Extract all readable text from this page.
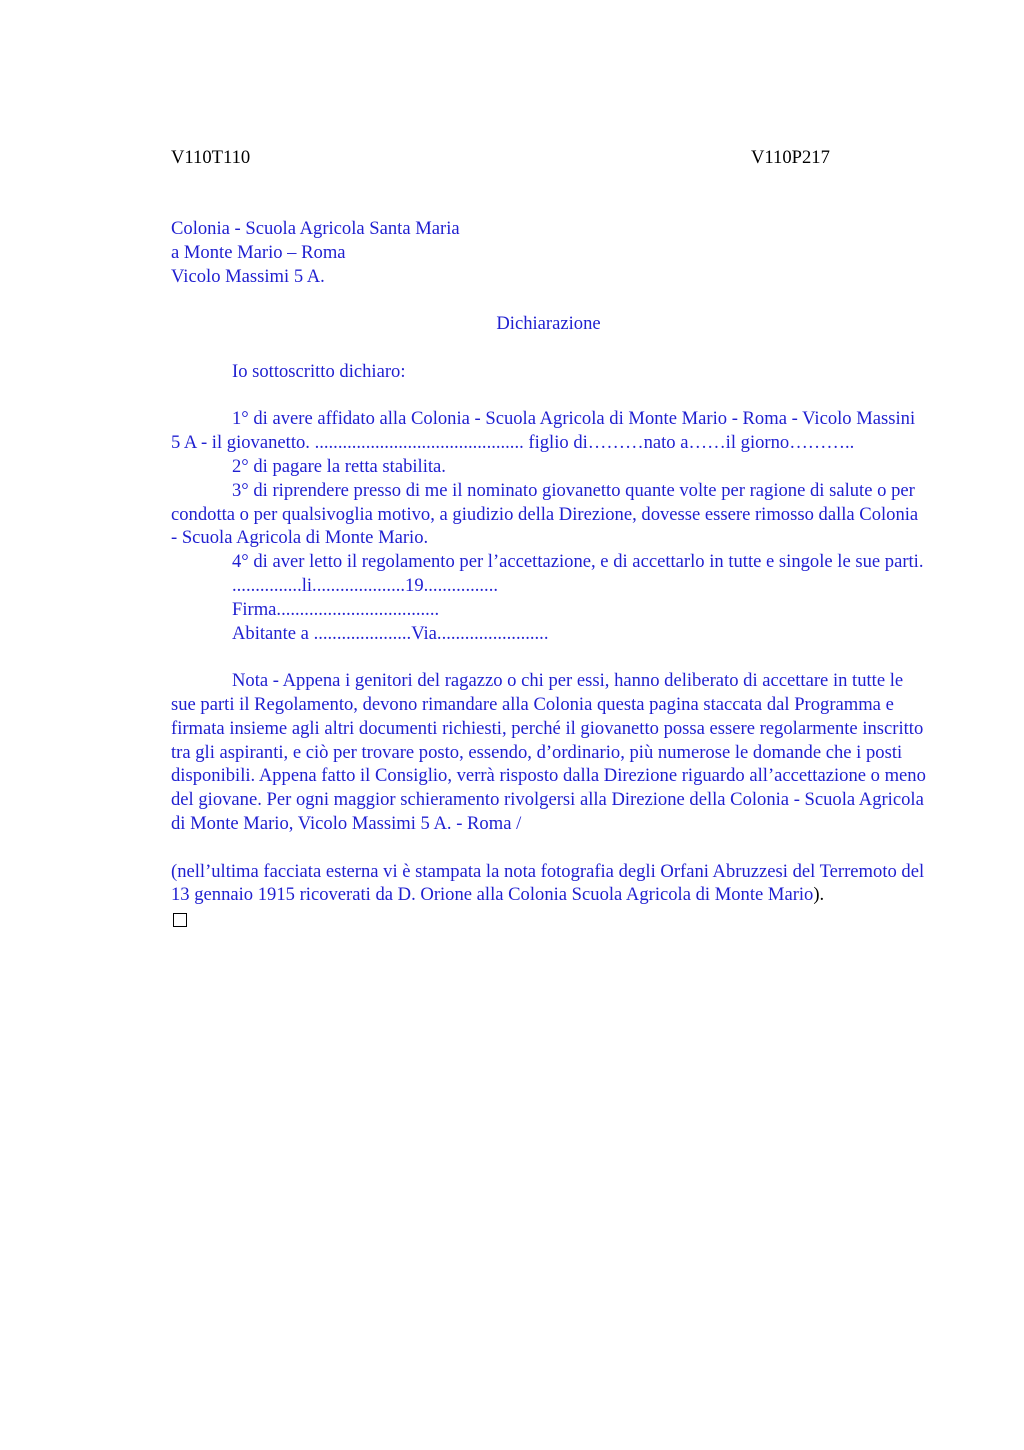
V110T110	V110P217

Colonia - Scuola Agricola Santa Maria

a Monte Mario – Roma

Vicolo Massimi 5 A.

Dichiarazione

Io sottoscritto dichiaro:

1° di avere affidato alla Colonia - Scuola Agricola di Monte Mario - Roma - Vicolo Massini 5 A - il giovanetto. ............................................. figlio di………nato a……il giorno………..

2° di pagare la retta stabilita.

3° di riprendere presso di me il nominato giovanetto quante volte per ragione di salute o per condotta o per qualsivoglia motivo, a giudizio della Direzione, dovesse essere rimosso dalla Colonia - Scuola Agricola di Monte Mario.

4° di aver letto il regolamento per l’accettazione, e di accettarlo in tutte e singole le sue parti.

...............li....................19................

Firma...................................

Abitante a .....................Via........................

Nota - Appena i genitori del ragazzo o chi per essi, hanno deliberato di accettare in tutte le sue parti il Regolamento, devono rimandare alla Colonia questa pagina staccata dal Programma e firmata insieme agli altri documenti richiesti, perché il giovanetto possa essere regolarmente inscritto tra gli aspiranti, e ciò per trovare posto, essendo, d’ordinario, più numerose le domande che i posti disponibili. Appena fatto il Consiglio, verrà risposto dalla Direzione riguardo all’accettazione o meno del giovane. Per ogni maggior schieramento rivolgersi alla Direzione della Colonia - Scuola Agricola di Monte Mario, Vicolo Massimi 5 A. - Roma /

(nell’ultima facciata esterna vi è stampata la nota fotografia degli Orfani Abruzzesi del Terremoto del 13 gennaio 1915 ricoverati da D. Orione alla Colonia Scuola Agricola di Monte Mario).
